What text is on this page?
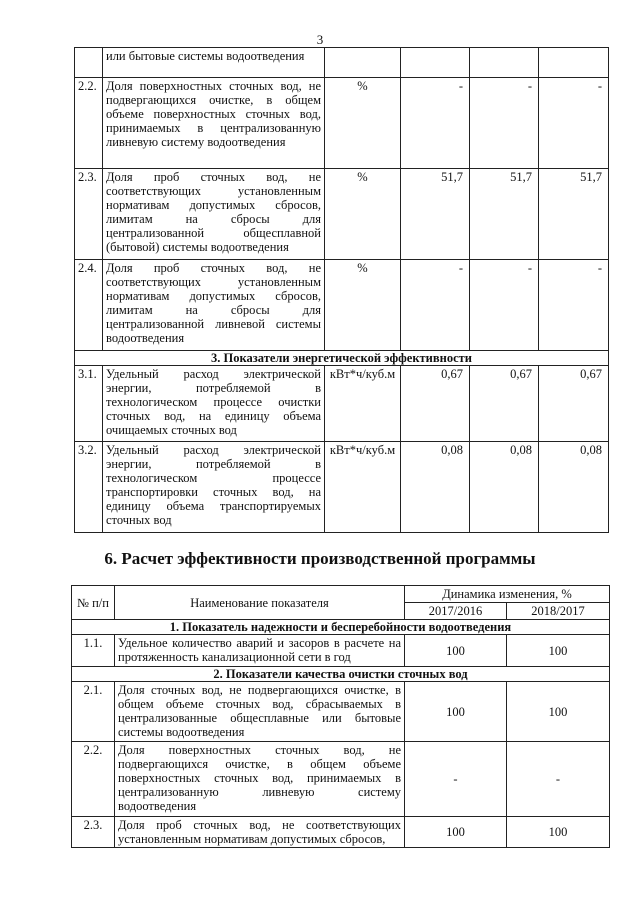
3
	или бытовые системы водоотведения				
2.2.	Доля поверхностных сточных вод, не подвергающихся очистке, в общем объеме поверхностных сточных вод, принимаемых в централизованную ливневую систему водоотведения	%	-	-	-
2.3.	Доля проб сточных вод, не соответствующих установленным нормативам допустимых сбросов, лимитам на сбросы для централизованной общесплавной (бытовой) системы водоотведения	%	51,7	51,7	51,7
2.4.	Доля проб сточных вод, не соответствующих установленным нормативам допустимых сбросов, лимитам на сбросы для централизованной ливневой системы водоотведения	%	-	-	-
3. Показатели энергетической эффективности					
3.1.	Удельный расход электрической энергии, потребляемой в технологическом процессе очистки сточных вод, на единицу объема очищаемых сточных вод	кВт*ч/куб.м	0,67	0,67	0,67
3.2.	Удельный расход электрической энергии, потребляемой в технологическом процессе транспортировки сточных вод, на единицу объема транспортируемых сточных вод	кВт*ч/куб.м	0,08	0,08	0,08
6. Расчет эффективности производственной программы
№ п/п	Наименование показателя	Динамика изменения, %	
		2017/2016	2018/2017
1. Показатель надежности и бесперебойности водоотведения			
1.1.	Удельное количество аварий и засоров в расчете на протяженность канализационной сети в год	100	100
2. Показатели качества очистки сточных вод			
2.1.	Доля сточных вод, не подвергающихся очистке, в общем объеме сточных вод, сбрасываемых в централизованные общесплавные или бытовые системы водоотведения	100	100
2.2.	Доля поверхностных сточных вод, не подвергающихся очистке, в общем объеме поверхностных сточных вод, принимаемых в централизованную ливневую систему водоотведения	-	-
2.3.	Доля проб сточных вод, не соответствующих установленным нормативам допустимых сбросов,	100	100
